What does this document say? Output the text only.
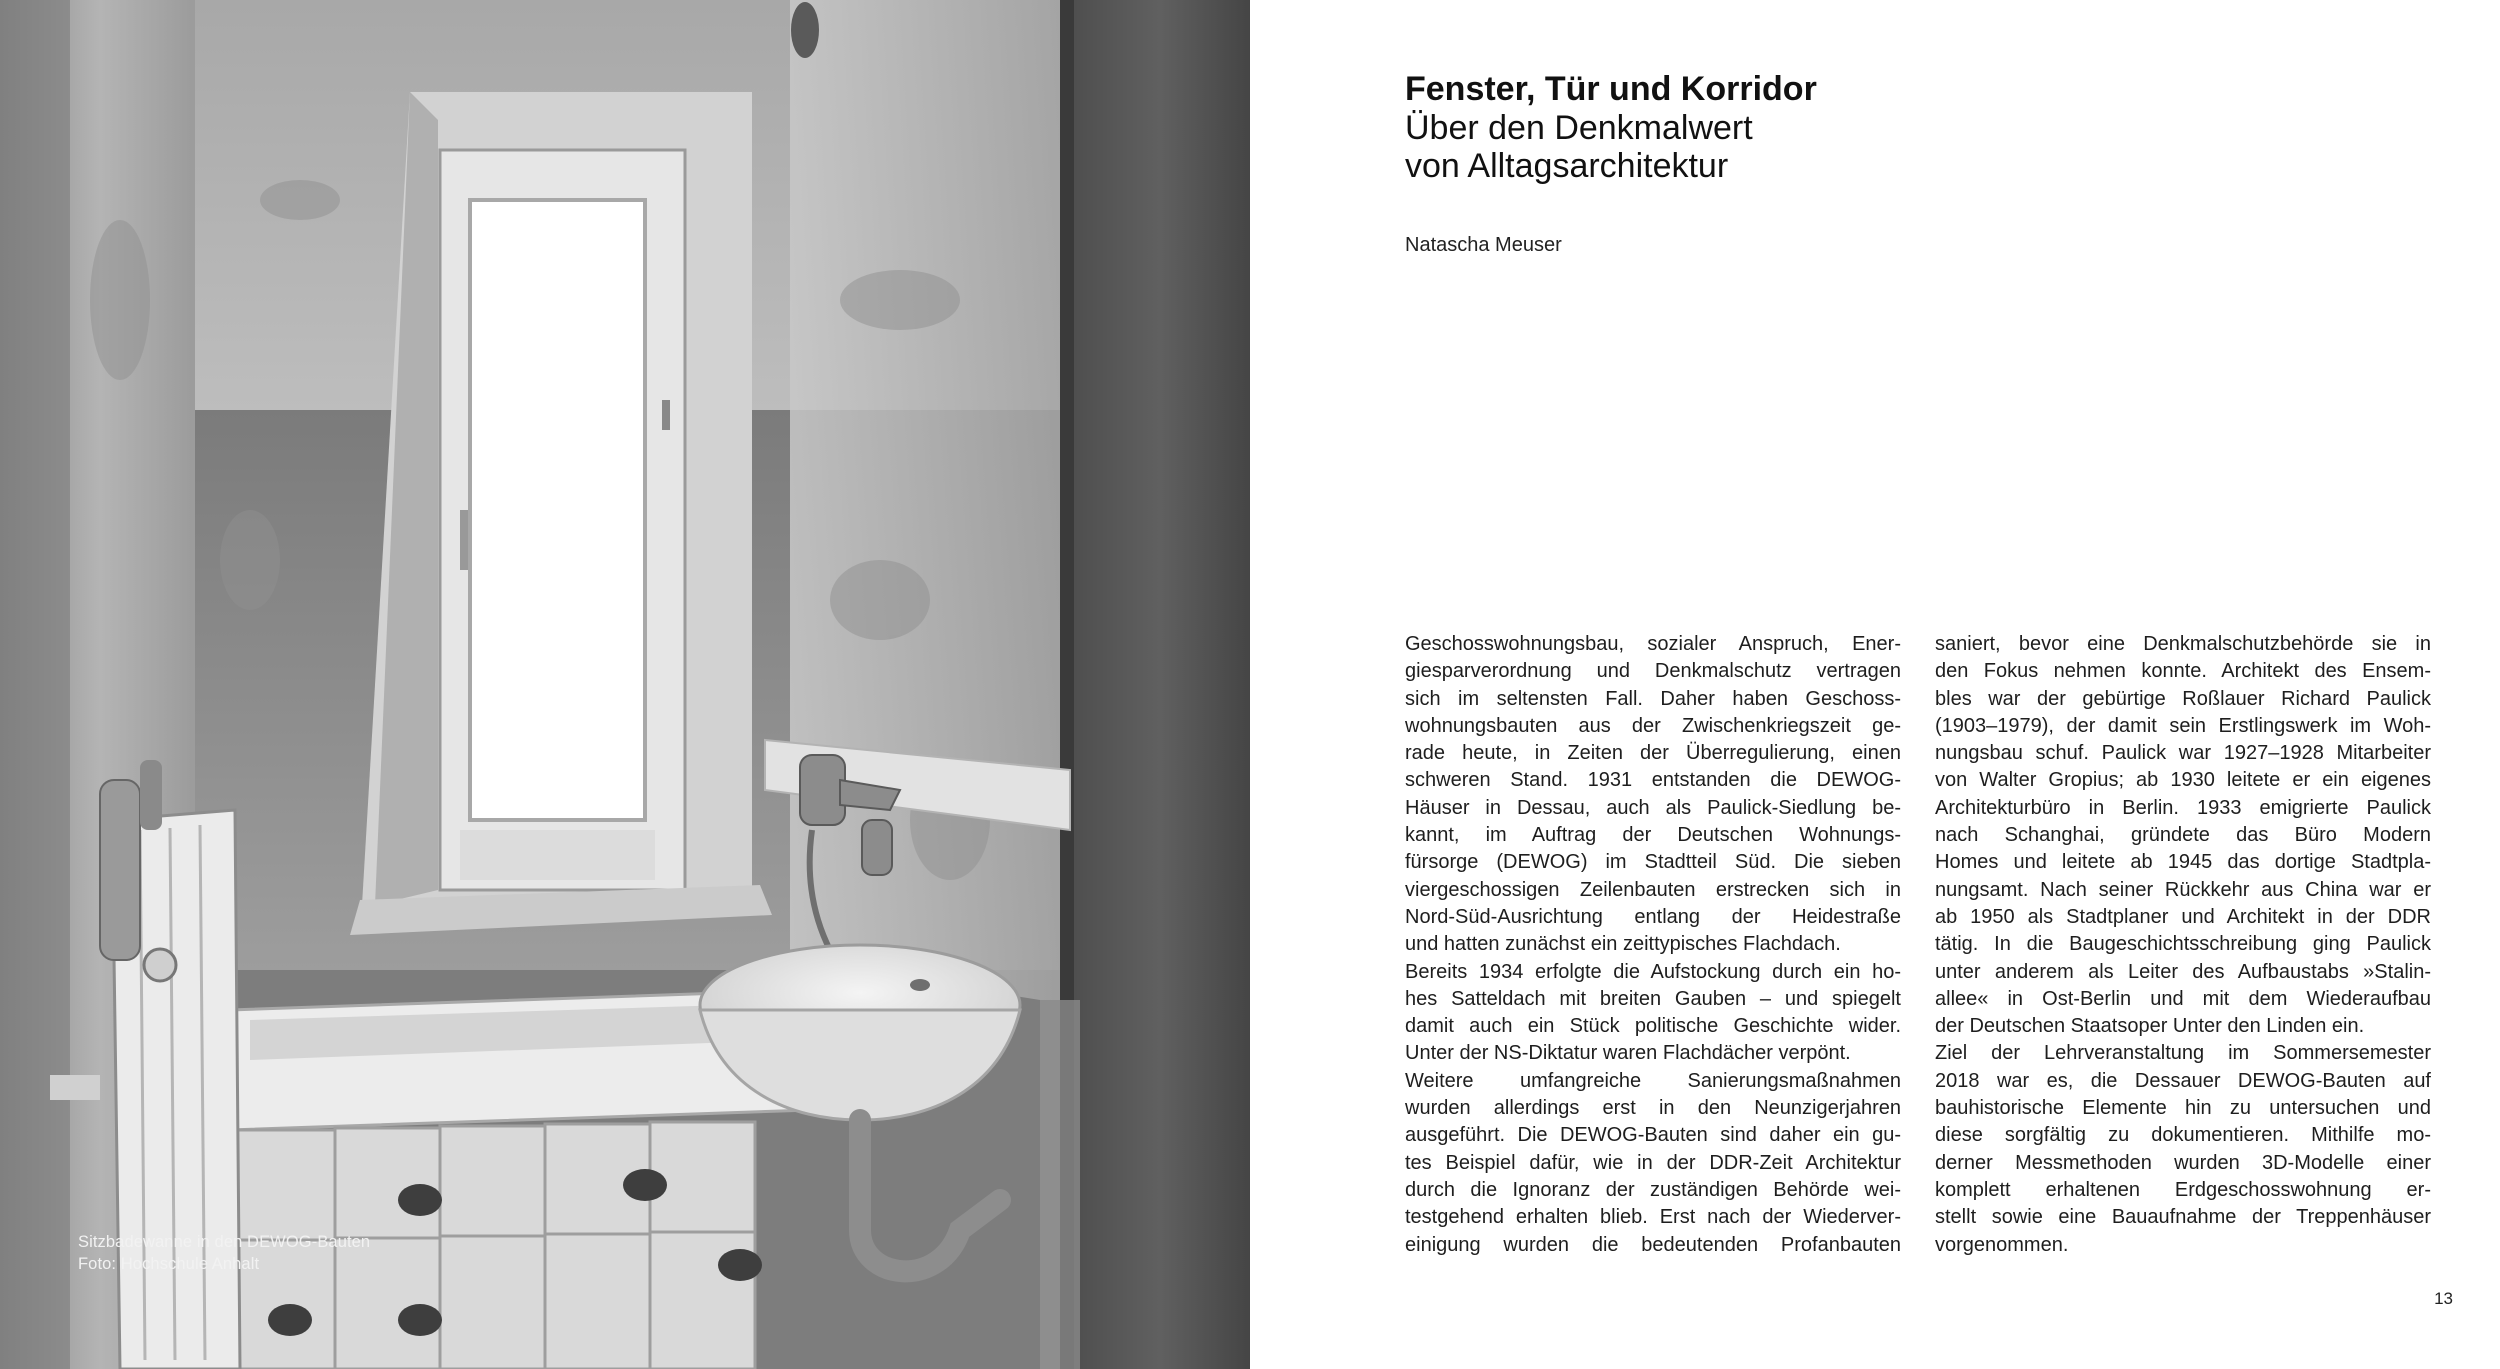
Sitzbadewanne in den DEWOG-Bauten
Foto: Hochschule Anhalt
Fenster, Tür und Korridor
Über den Denkmalwert
von Alltagsarchitektur
Natascha Meuser
Geschosswohnungsbau, sozialer Anspruch, Ener-
giesparverordnung und Denkmalschutz vertragen
sich im seltensten Fall. Daher haben Geschoss-
wohnungsbauten aus der Zwischenkriegszeit ge-
rade heute, in Zeiten der Überregulierung, einen
schweren Stand. 1931 entstanden die DEWOG-
Häuser in Dessau, auch als Paulick-Siedlung be-
kannt, im Auftrag der Deutschen Wohnungs-
fürsorge (DEWOG) im Stadtteil Süd. Die sieben
viergeschossigen Zeilenbauten erstrecken sich in
Nord-Süd-Ausrichtung entlang der Heidestraße
und hatten zunächst ein zeittypisches Flachdach.
Bereits 1934 erfolgte die Aufstockung durch ein ho-
hes Satteldach mit breiten Gauben – und spiegelt
damit auch ein Stück politische Geschichte wider.
Unter der NS-Diktatur waren Flachdächer verpönt.
Weitere umfangreiche Sanierungsmaßnahmen
wurden allerdings erst in den Neunzigerjahren
ausgeführt. Die DEWOG-Bauten sind daher ein gu-
tes Beispiel dafür, wie in der DDR-Zeit Architektur
durch die Ignoranz der zuständigen Behörde wei-
testgehend erhalten blieb. Erst nach der Wiederver-
einigung wurden die bedeutenden Profanbauten
saniert, bevor eine Denkmalschutzbehörde sie in
den Fokus nehmen konnte. Architekt des Ensem-
bles war der gebürtige Roßlauer Richard Paulick
(1903–1979), der damit sein Erstlingswerk im Woh-
nungsbau schuf. Paulick war 1927–1928 Mitarbeiter
von Walter Gropius; ab 1930 leitete er ein eigenes
Architekturbüro in Berlin. 1933 emigrierte Paulick
nach Schanghai, gründete das Büro Modern
Homes und leitete ab 1945 das dortige Stadtpla-
nungsamt. Nach seiner Rückkehr aus China war er
ab 1950 als Stadtplaner und Architekt in der DDR
tätig. In die Baugeschichtsschreibung ging Paulick
unter anderem als Leiter des Aufbaustabs »Stalin-
allee« in Ost-Berlin und mit dem Wiederaufbau
der Deutschen Staatsoper Unter den Linden ein.
Ziel der Lehrveranstaltung im Sommersemester
2018 war es, die Dessauer DEWOG-Bauten auf
bauhistorische Elemente hin zu untersuchen und
diese sorgfältig zu dokumentieren. Mithilfe mo-
derner Messmethoden wurden 3D-Modelle einer
komplett erhaltenen Erdgeschosswohnung er-
stellt sowie eine Bauaufnahme der Treppenhäuser
vorgenommen.
13
